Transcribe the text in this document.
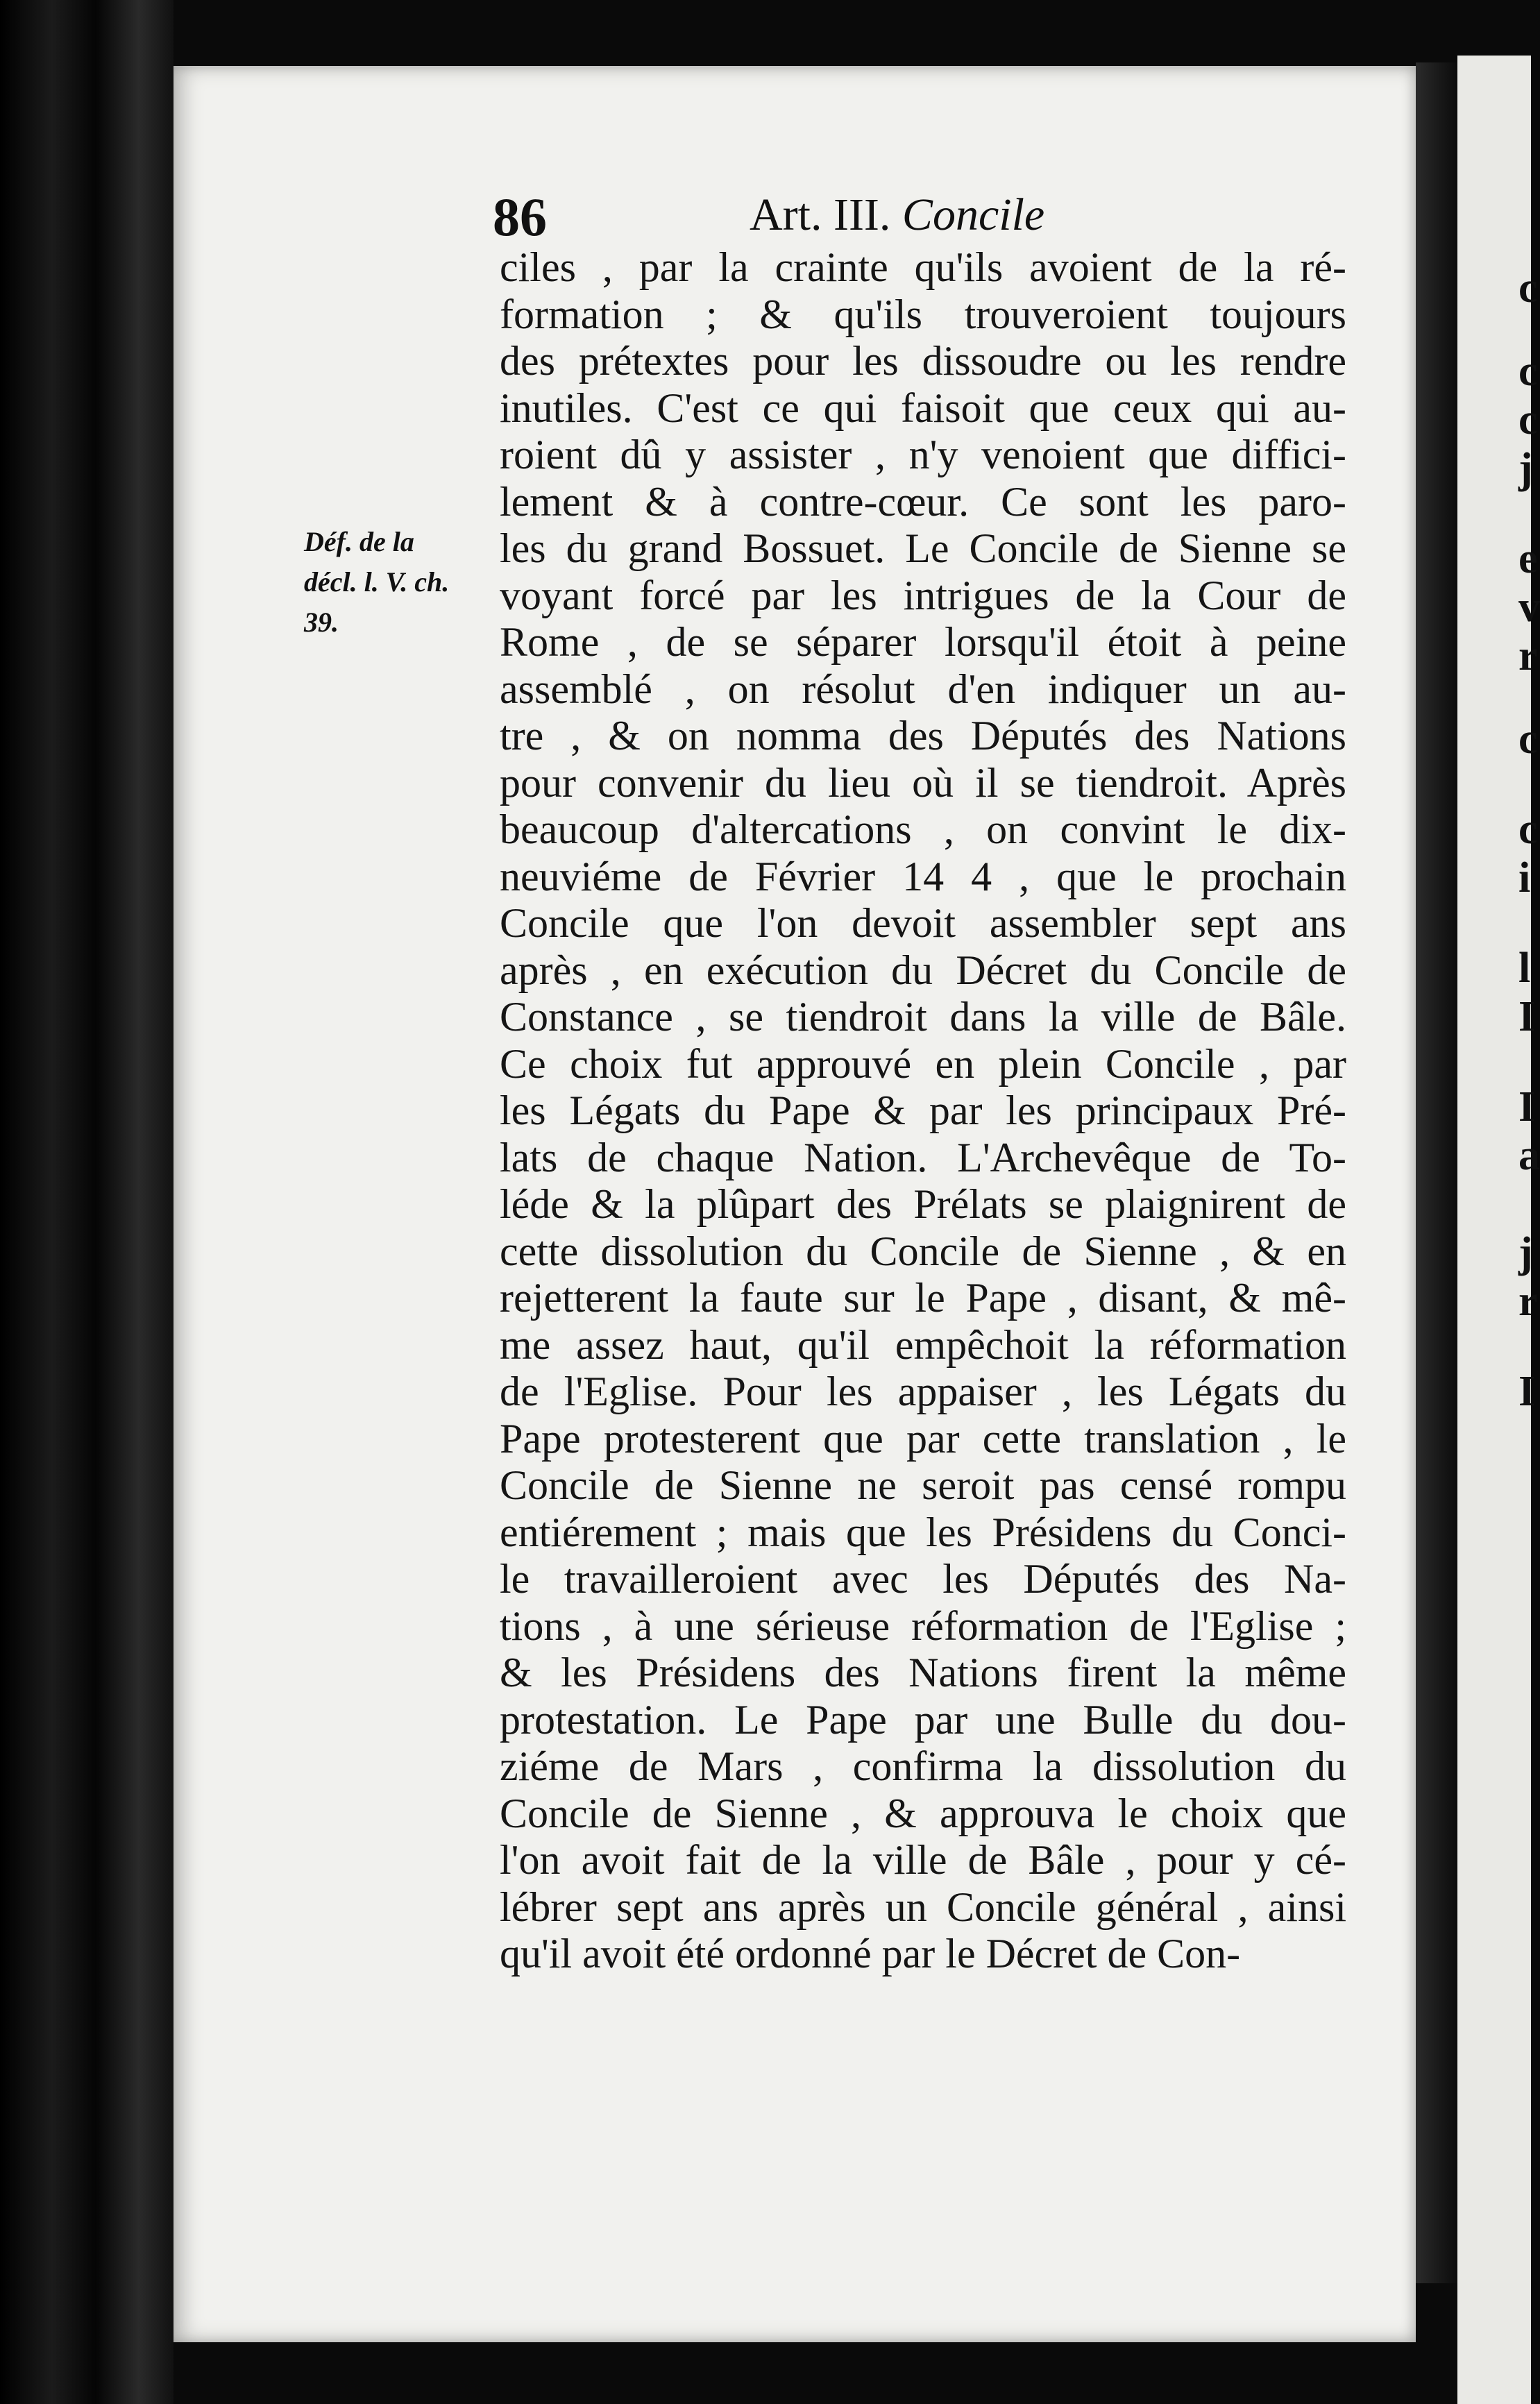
c
c
c
j
e
v
r
c
c
i
l
I
I
a
j
r
I
86	Art. III. Concile
Déf. de la
décl. l. V. ch.
39.
ciles , par la crainte qu'ils avoient de la ré-
formation ; & qu'ils trouveroient toujours
des prétextes pour les dissoudre ou les rendre
inutiles. C'est ce qui faisoit que ceux qui au-
roient dû y assister , n'y venoient que diffici-
lement & à contre-cœur. Ce sont les paro-
les du grand Bossuet. Le Concile de Sienne se
voyant forcé par les intrigues de la Cour de
Rome , de se séparer lorsqu'il étoit à peine
assemblé , on résolut d'en indiquer un au-
tre , & on nomma des Députés des Nations
pour convenir du lieu où il se tiendroit. Après
beaucoup d'altercations , on convint le dix-
neuviéme de Février 14 4 , que le prochain
Concile que l'on devoit assembler sept ans
après , en exécution du Décret du Concile de
Constance , se tiendroit dans la ville de Bâle.
Ce choix fut approuvé en plein Concile , par
les Légats du Pape & par les principaux Pré-
lats de chaque Nation. L'Archevêque de To-
léde & la plûpart des Prélats se plaignirent de
cette dissolution du Concile de Sienne , & en
rejetterent la faute sur le Pape , disant, & mê-
me assez haut, qu'il empêchoit la réformation
de l'Eglise. Pour les appaiser , les Légats du
Pape protesterent que par cette translation , le
Concile de Sienne ne seroit pas censé rompu
entiérement ; mais que les Présidens du Conci-
le travailleroient avec les Députés des Na-
tions , à une sérieuse réformation de l'Eglise ;
& les Présidens des Nations firent la même
protestation. Le Pape par une Bulle du dou-
ziéme de Mars , confirma la dissolution du
Concile de Sienne , & approuva le choix que
l'on avoit fait de la ville de Bâle , pour y cé-
lébrer sept ans après un Concile général , ainsi
qu'il avoit été ordonné par le Décret de Con-
